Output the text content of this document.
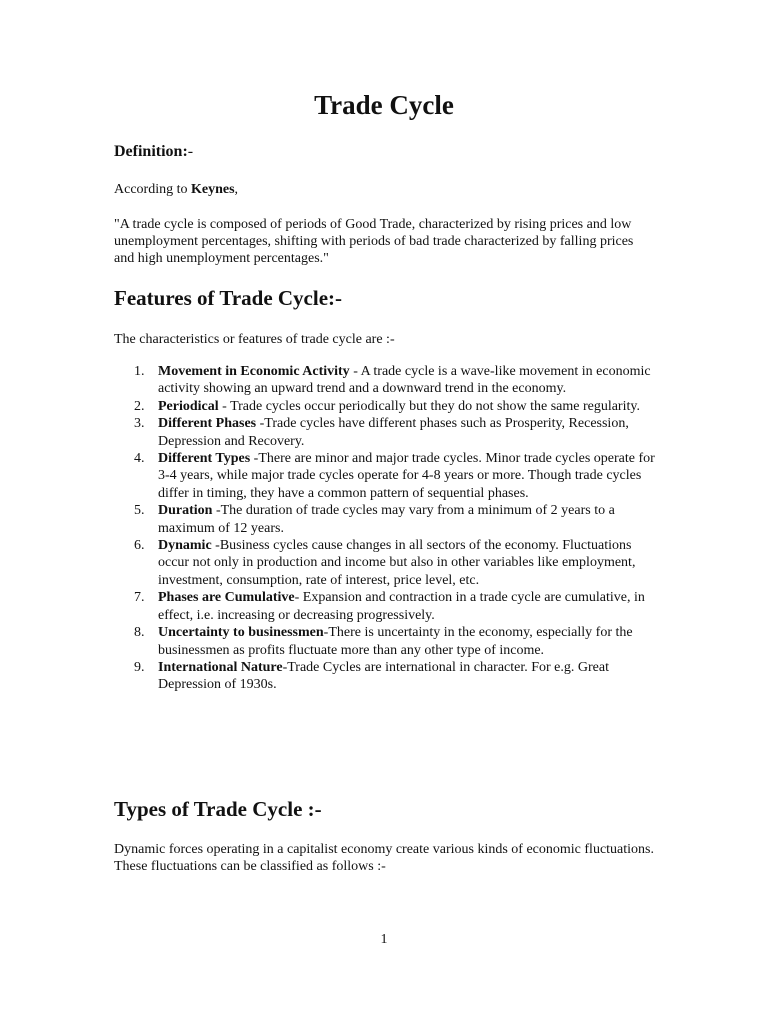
Trade Cycle

Definition:-

According to Keynes,

"A trade cycle is composed of periods of Good Trade, characterized by rising prices and low unemployment percentages, shifting with periods of bad trade characterized by falling prices and high unemployment percentages."

Features of Trade Cycle:-

The characteristics or features of trade cycle are :-

1. Movement in Economic Activity - A trade cycle is a wave-like movement in economic activity showing an upward trend and a downward trend in the economy.
2. Periodical - Trade cycles occur periodically but they do not show the same regularity.
3. Different Phases -Trade cycles have different phases such as Prosperity, Recession, Depression and Recovery.
4. Different Types -There are minor and major trade cycles. Minor trade cycles operate for 3-4 years, while major trade cycles operate for 4-8 years or more. Though trade cycles differ in timing, they have a common pattern of sequential phases.
5. Duration -The duration of trade cycles may vary from a minimum of 2 years to a maximum of 12 years.
6. Dynamic -Business cycles cause changes in all sectors of the economy. Fluctuations occur not only in production and income but also in other variables like employment, investment, consumption, rate of interest, price level, etc.
7. Phases are Cumulative- Expansion and contraction in a trade cycle are cumulative, in effect, i.e. increasing or decreasing progressively.
8. Uncertainty to businessmen-There is uncertainty in the economy, especially for the businessmen as profits fluctuate more than any other type of income.
9. International Nature-Trade Cycles are international in character. For e.g. Great Depression of 1930s.
Types of Trade Cycle :-

Dynamic forces operating in a capitalist economy create various kinds of economic fluctuations. These fluctuations can be classified as follows :-

1
